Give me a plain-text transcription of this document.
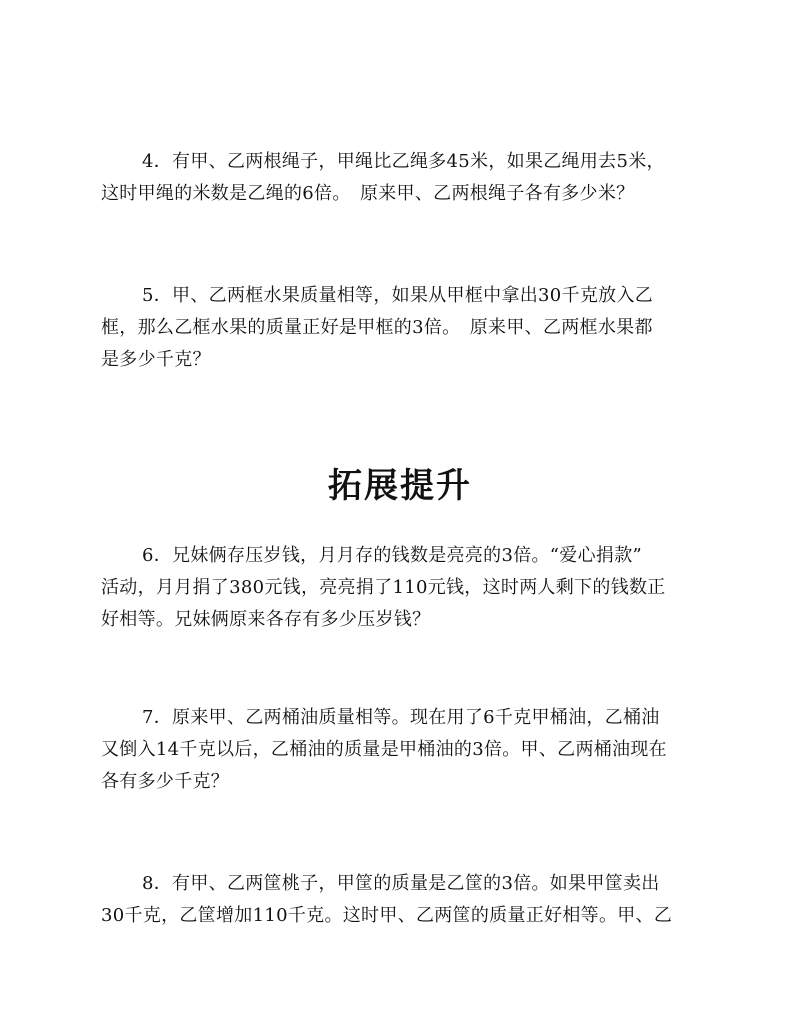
4．有甲、乙两根绳子，甲绳比乙绳多45米，如果乙绳用去5米，
这时甲绳的米数是乙绳的6倍。　原来甲、乙两根绳子各有多少米？
5．甲、乙两框水果质量相等，如果从甲框中拿出30千克放入乙
框，那么乙框水果的质量正好是甲框的3倍。　原来甲、乙两框水果都
是多少千克？
拓展提升
6．兄妹俩存压岁钱，月月存的钱数是亮亮的3倍。“爱心捐款”
活动，月月捐了380元钱，亮亮捐了110元钱，这时两人剩下的钱数正
好相等。兄妹俩原来各存有多少压岁钱？
7．原来甲、乙两桶油质量相等。现在用了6千克甲桶油，乙桶油
又倒入14千克以后，乙桶油的质量是甲桶油的3倍。甲、乙两桶油现在
各有多少千克？
8．有甲、乙两筐桃子，甲筐的质量是乙筐的3倍。如果甲筐卖出
30千克，乙筐增加110千克。这时甲、乙两筐的质量正好相等。甲、乙
